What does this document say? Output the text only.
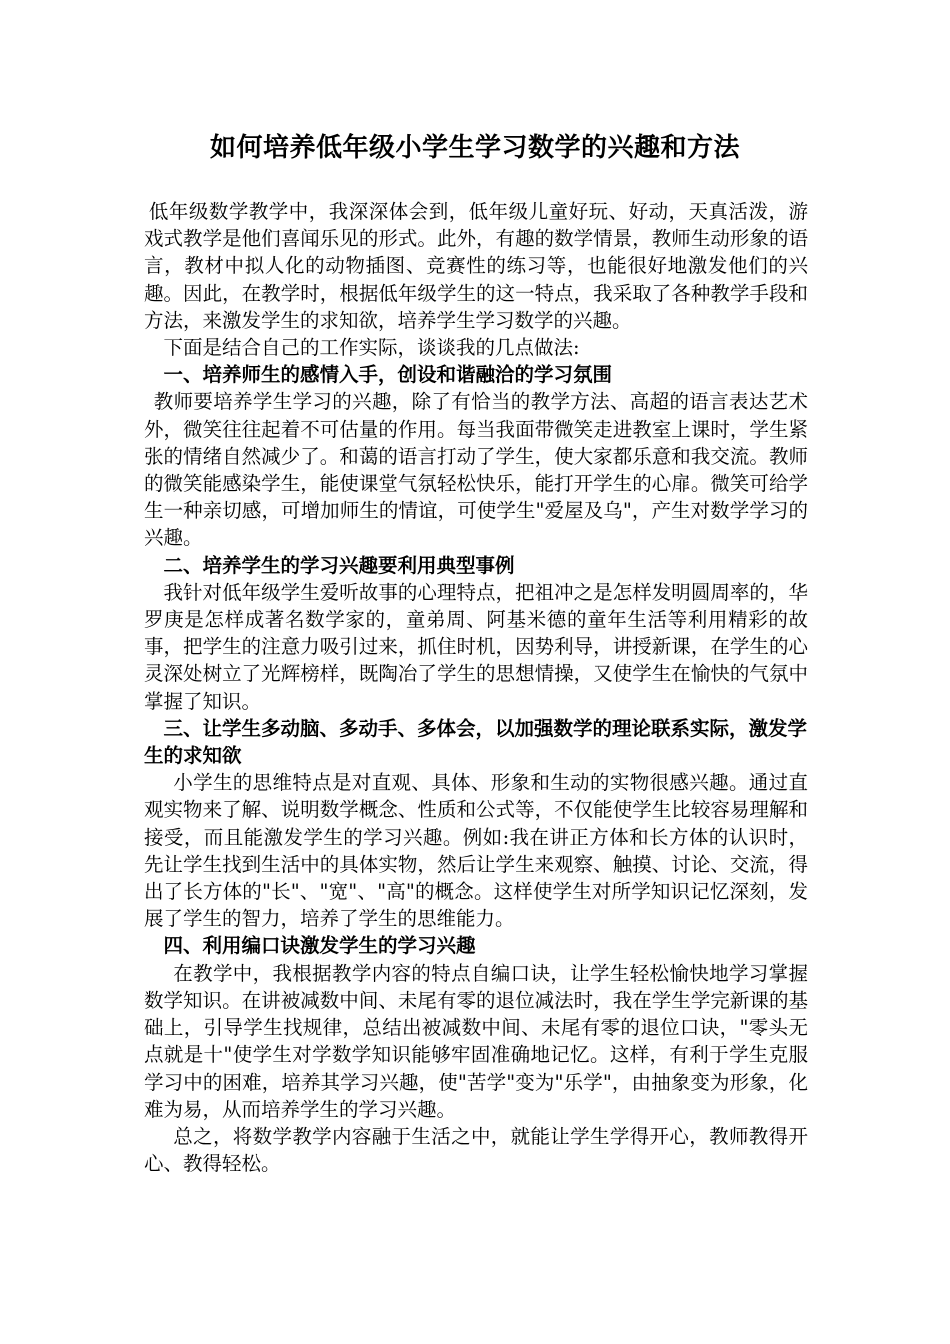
如何培养低年级小学生学习数学的兴趣和方法

低年级数学教学中，我深深体会到，低年级儿童好玩、好动，天真活泼，游戏式教学是他们喜闻乐见的形式。此外，有趣的数学情景，教师生动形象的语言，教材中拟人化的动物插图、竞赛性的练习等，也能很好地激发他们的兴趣。因此，在教学时，根据低年级学生的这一特点，我采取了各种教学手段和方法，来激发学生的求知欲，培养学生学习数学的兴趣。

下面是结合自己的工作实际，谈谈我的几点做法:

一、培养师生的感情入手，创设和谐融洽的学习氛围

教师要培养学生学习的兴趣，除了有恰当的教学方法、高超的语言表达艺术外，微笑往往起着不可估量的作用。每当我面带微笑走进教室上课时，学生紧张的情绪自然减少了。和蔼的语言打动了学生，使大家都乐意和我交流。教师的微笑能感染学生，能使课堂气氛轻松快乐，能打开学生的心扉。微笑可给学生一种亲切感，可增加师生的情谊，可使学生"爱屋及乌"，产生对数学学习的兴趣。

二、培养学生的学习兴趣要利用典型事例

我针对低年级学生爱听故事的心理特点，把祖冲之是怎样发明圆周率的，华罗庚是怎样成著名数学家的，童弟周、阿基米德的童年生活等利用精彩的故事，把学生的注意力吸引过来，抓住时机，因势利导，讲授新课，在学生的心灵深处树立了光辉榜样，既陶冶了学生的思想情操，又使学生在愉快的气氛中掌握了知识。

三、让学生多动脑、多动手、多体会，以加强数学的理论联系实际，激发学生的求知欲

小学生的思维特点是对直观、具体、形象和生动的实物很感兴趣。通过直观实物来了解、说明数学概念、性质和公式等，不仅能使学生比较容易理解和接受，而且能激发学生的学习兴趣。例如:我在讲正方体和长方体的认识时，先让学生找到生活中的具体实物，然后让学生来观察、触摸、讨论、交流，得出了长方体的"长"、"宽"、"高"的概念。这样使学生对所学知识记忆深刻，发展了学生的智力，培养了学生的思维能力。

四、利用编口诀激发学生的学习兴趣

在教学中，我根据教学内容的特点自编口诀，让学生轻松愉快地学习掌握数学知识。在讲被减数中间、未尾有零的退位减法时，我在学生学完新课的基础上，引导学生找规律，总结出被减数中间、未尾有零的退位口诀，"零头无点就是十"使学生对学数学知识能够牢固准确地记忆。这样，有利于学生克服学习中的困难，培养其学习兴趣，使"苦学"变为"乐学"，由抽象变为形象，化难为易，从而培养学生的学习兴趣。

总之，将数学教学内容融于生活之中，就能让学生学得开心，教师教得开心、教得轻松。
